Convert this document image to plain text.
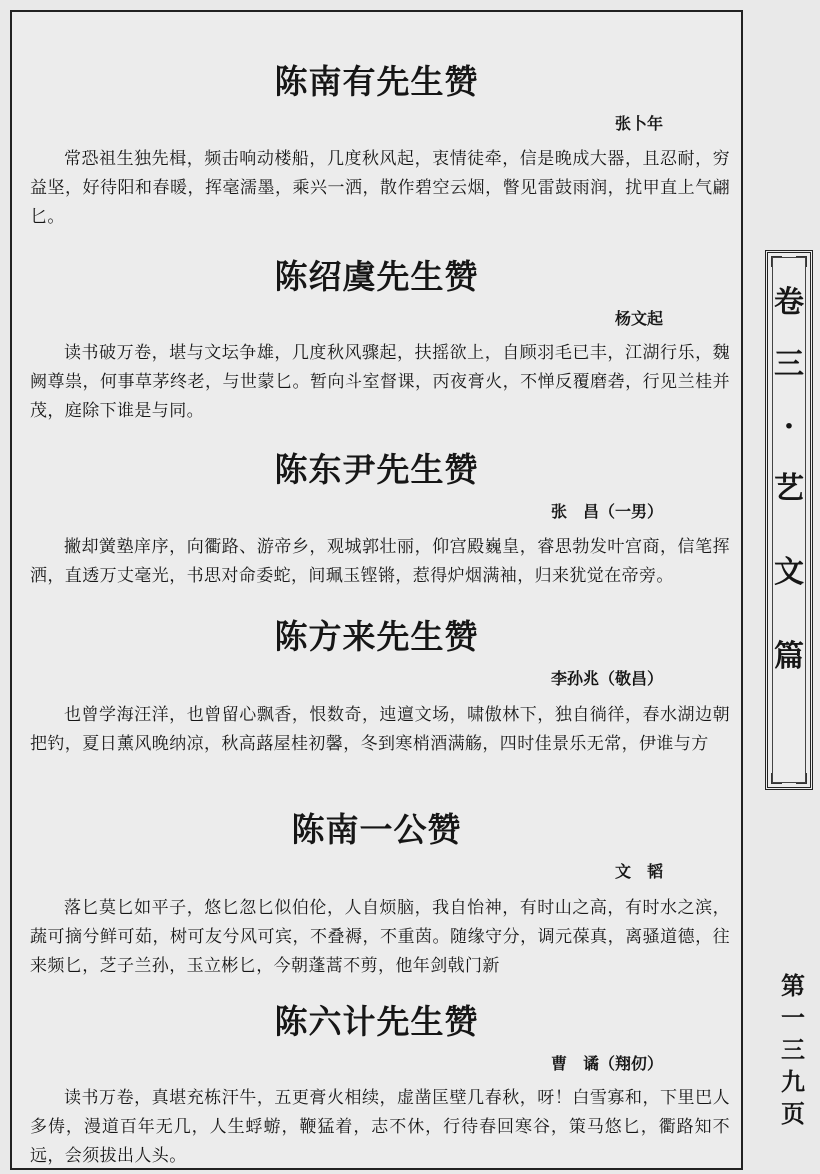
陈南有先生赞
张卜年
常恐祖生独先楫，频击响动楼船，几度秋风起，衷情徒牵，信是晚成大器，且忍耐，穷益坚，好待阳和春暖，挥毫濡墨，乘兴一洒，散作碧空云烟，瞥见雷鼓雨润，扰甲直上气翩匕。
陈绍虞先生赞
杨文起
读书破万卷，堪与文坛争雄，几度秋风骤起，扶摇欲上，自顾羽毛已丰，江湖行乐，魏阙尊祟，何事草茅终老，与世蒙匕。暂向斗室督课，丙夜膏火，不惮反覆磨砻，行见兰桂并茂，庭除下谁是与同。
陈东尹先生赞
张　昌（一男）
撇却黉塾庠序，向衢路、游帝乡，观城郭壮丽，仰宫殿巍皇，睿思勃发叶宫商，信笔挥洒，直透万丈毫光，书思对命委蛇，间珮玉铿锵，惹得炉烟满袖，归来犹觉在帝旁。
陈方来先生赞
李孙兆（敬昌）
也曾学海汪洋，也曾留心飘香，恨数奇，迍邅文场，啸傲林下，独自徜徉，春水湖边朝把钓，夏日薰风晚纳凉，秋高蕗屋桂初馨，冬到寒梢酒满觞，四时佳景乐无常，伊谁与方
陈南一公赞
文　韬
落匕莫匕如平子，悠匕忽匕似伯伦，人自烦脑，我自怡神，有时山之高，有时水之滨，蔬可摘兮鲜可茹，树可友兮风可宾，不叠褥，不重茵。随缘守分，调元葆真，离骚道德，往来频匕，芝子兰孙，玉立彬匕，今朝蓬蒿不剪，他年剑戟门新
陈六计先生赞
曹　谲（翔仞）
读书万卷，真堪充栋汗牛，五更膏火相续，虚凿匡壁几春秋，呀！白雪寡和，下里巴人多俦，漫道百年无几，人生蜉蝣，鞭猛着，志不休，行待春回寒谷，策马悠匕，衢路知不远，会须拔出人头。
卷
三
·
艺
文
篇
第
一
三
九
页
